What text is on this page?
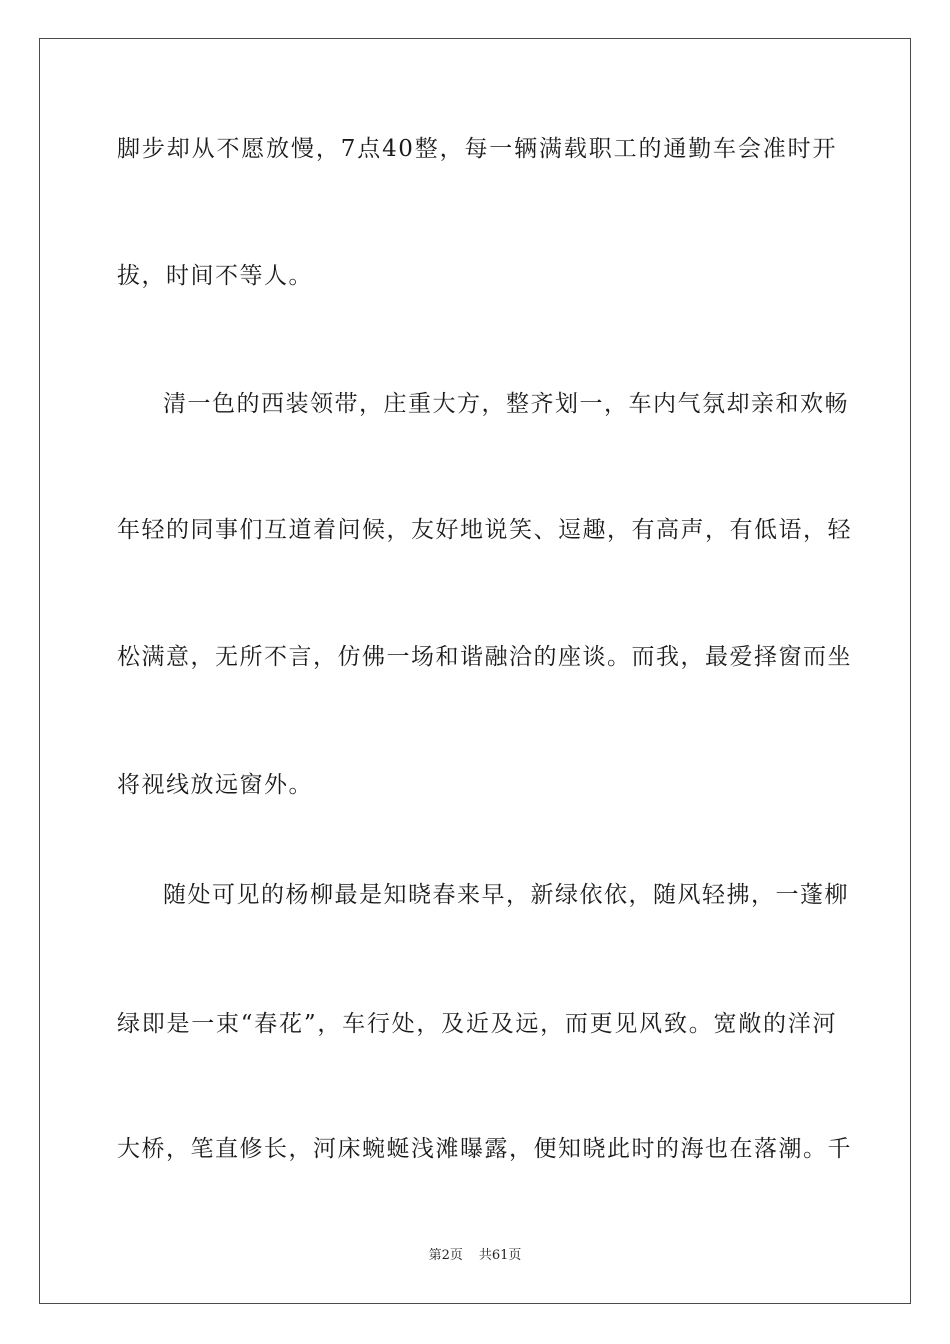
脚步却从不愿放慢，7点40整，每一辆满载职工的通勤车会准时开
拔，时间不等人。
清一色的西装领带，庄重大方，整齐划一，车内气氛却亲和欢畅
年轻的同事们互道着问候，友好地说笑、逗趣，有高声，有低语，轻
松满意，无所不言，仿佛一场和谐融洽的座谈。而我，最爱择窗而坐
将视线放远窗外。
随处可见的杨柳最是知晓春来早，新绿依依，随风轻拂，一蓬柳
绿即是一束“春花”，车行处，及近及远，而更见风致。宽敞的洋河
大桥，笔直修长，河床蜿蜒浅滩曝露，便知晓此时的海也在落潮。千
第2页 共61页
